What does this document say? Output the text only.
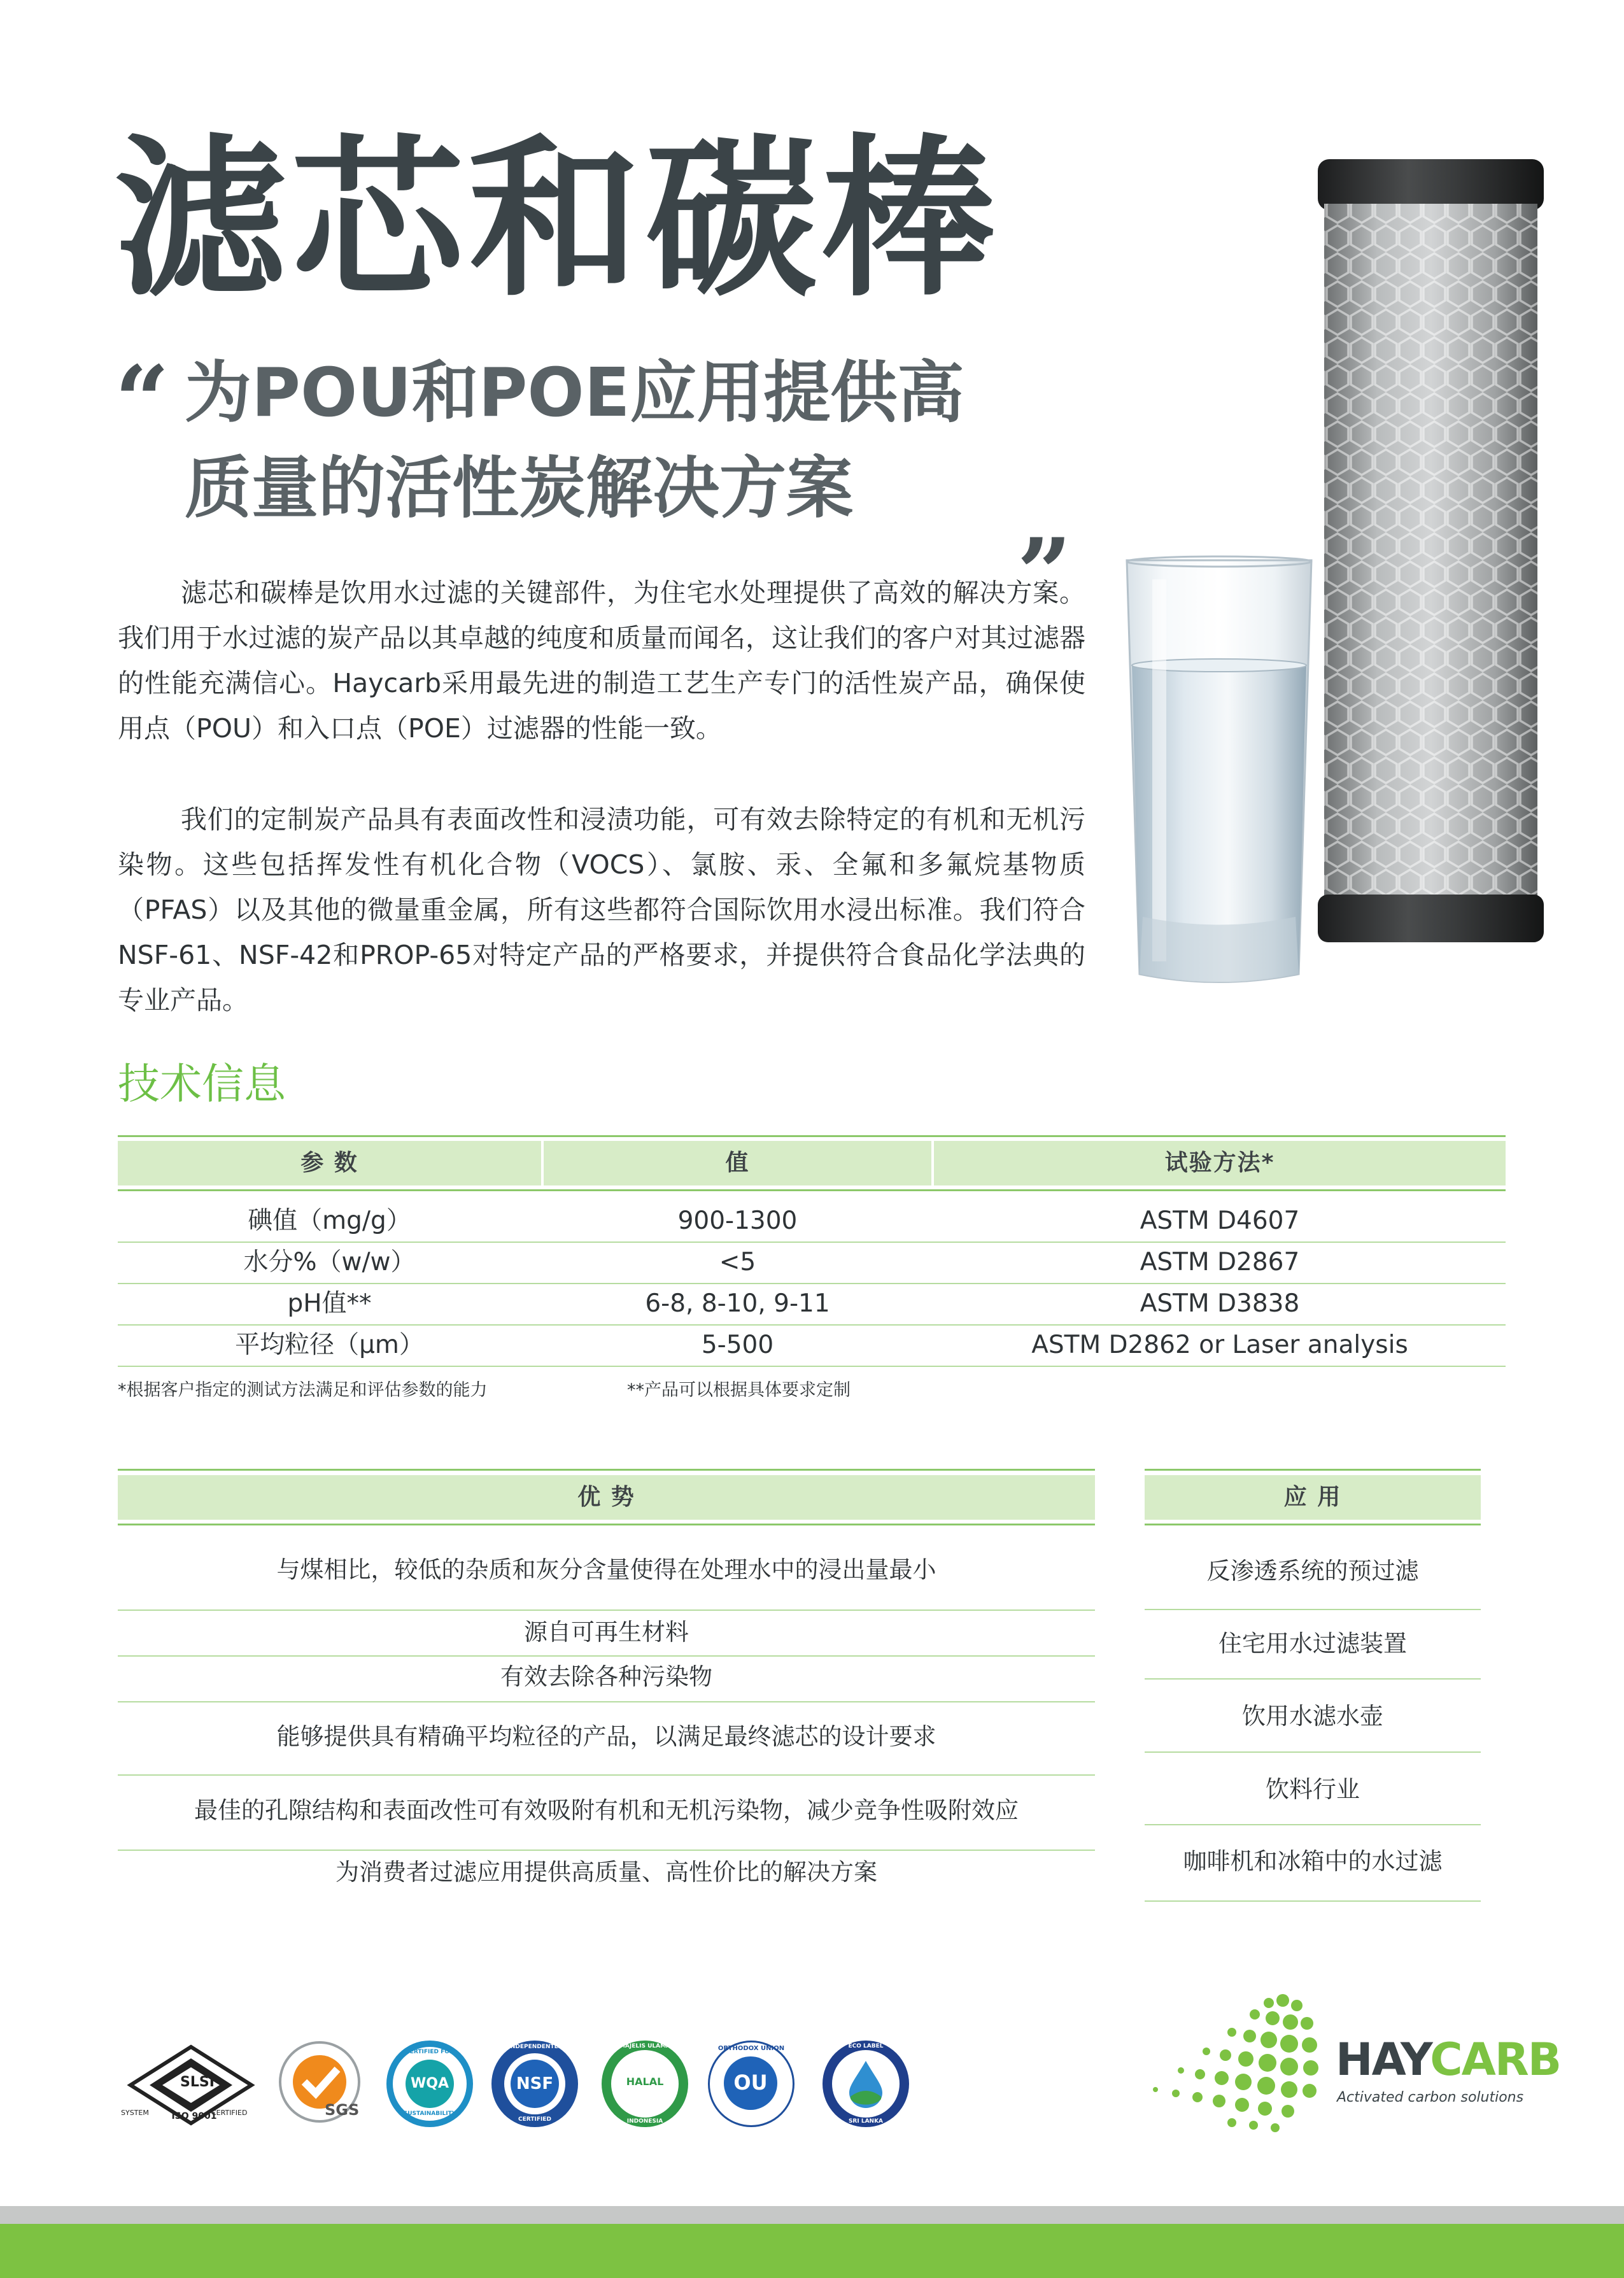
滤芯和碳棒
“ 为POU和POE应用提供高
质量的活性炭解决方案 „
滤芯和碳棒是饮用水过滤的关键部件，为住宅水处理提供了高效的解决方案。我们用于水过滤的炭产品以其卓越的纯度和质量而闻名，这让我们的客户对其过滤器的性能充满信心。Haycarb采用最先进的制造工艺生产专门的活性炭产品，确保使用点（POU）和入口点（POE）过滤器的性能一致。
我们的定制炭产品具有表面改性和浸渍功能，可有效去除特定的有机和无机污染物。这些包括挥发性有机化合物（VOCS）、氯胺、汞、全氟和多氟烷基物质（PFAS）以及其他的微量重金属，所有这些都符合国际饮用水浸出标准。我们符合NSF-61、NSF-42和PROP-65对特定产品的严格要求，并提供符合食品化学法典的专业产品。
技术信息
参 数	值	试验方法*
碘值（mg/g）	900-1300	ASTM D4607
水分%（w/w）	<5	ASTM D2867
pH值**	6-8, 8-10, 9-11	ASTM D3838
平均粒径（µm）	5-500	ASTM D2862 or Laser analysis
*根据客户指定的测试方法满足和评估参数的能力	**产品可以根据具体要求定制
优 势
与煤相比，较低的杂质和灰分含量使得在处理水中的浸出量最小
源自可再生材料
有效去除各种污染物
能够提供具有精确平均粒径的产品，以满足最终滤芯的设计要求
最佳的孔隙结构和表面改性可有效吸附有机和无机污染物，减少竞争性吸附效应
为消费者过滤应用提供高质量、高性价比的解决方案
应 用
反渗透系统的预过滤
住宅用水过滤装置
饮用水滤水壶
饮料行业
咖啡机和冰箱中的水过滤
SLSI
ISO 9001
SYSTEM	CERTIFIED	SGS
WQA
CERTIFIED FOR
SUSTAINABILITY
NSF
INDEPENDENTLY
CERTIFIED
HALAL
MAJELIS ULAMA
INDONESIA
OU
ORTHODOX UNION	ECO LABEL
SRI LANKA
HAYCARB
Activated carbon solutions
